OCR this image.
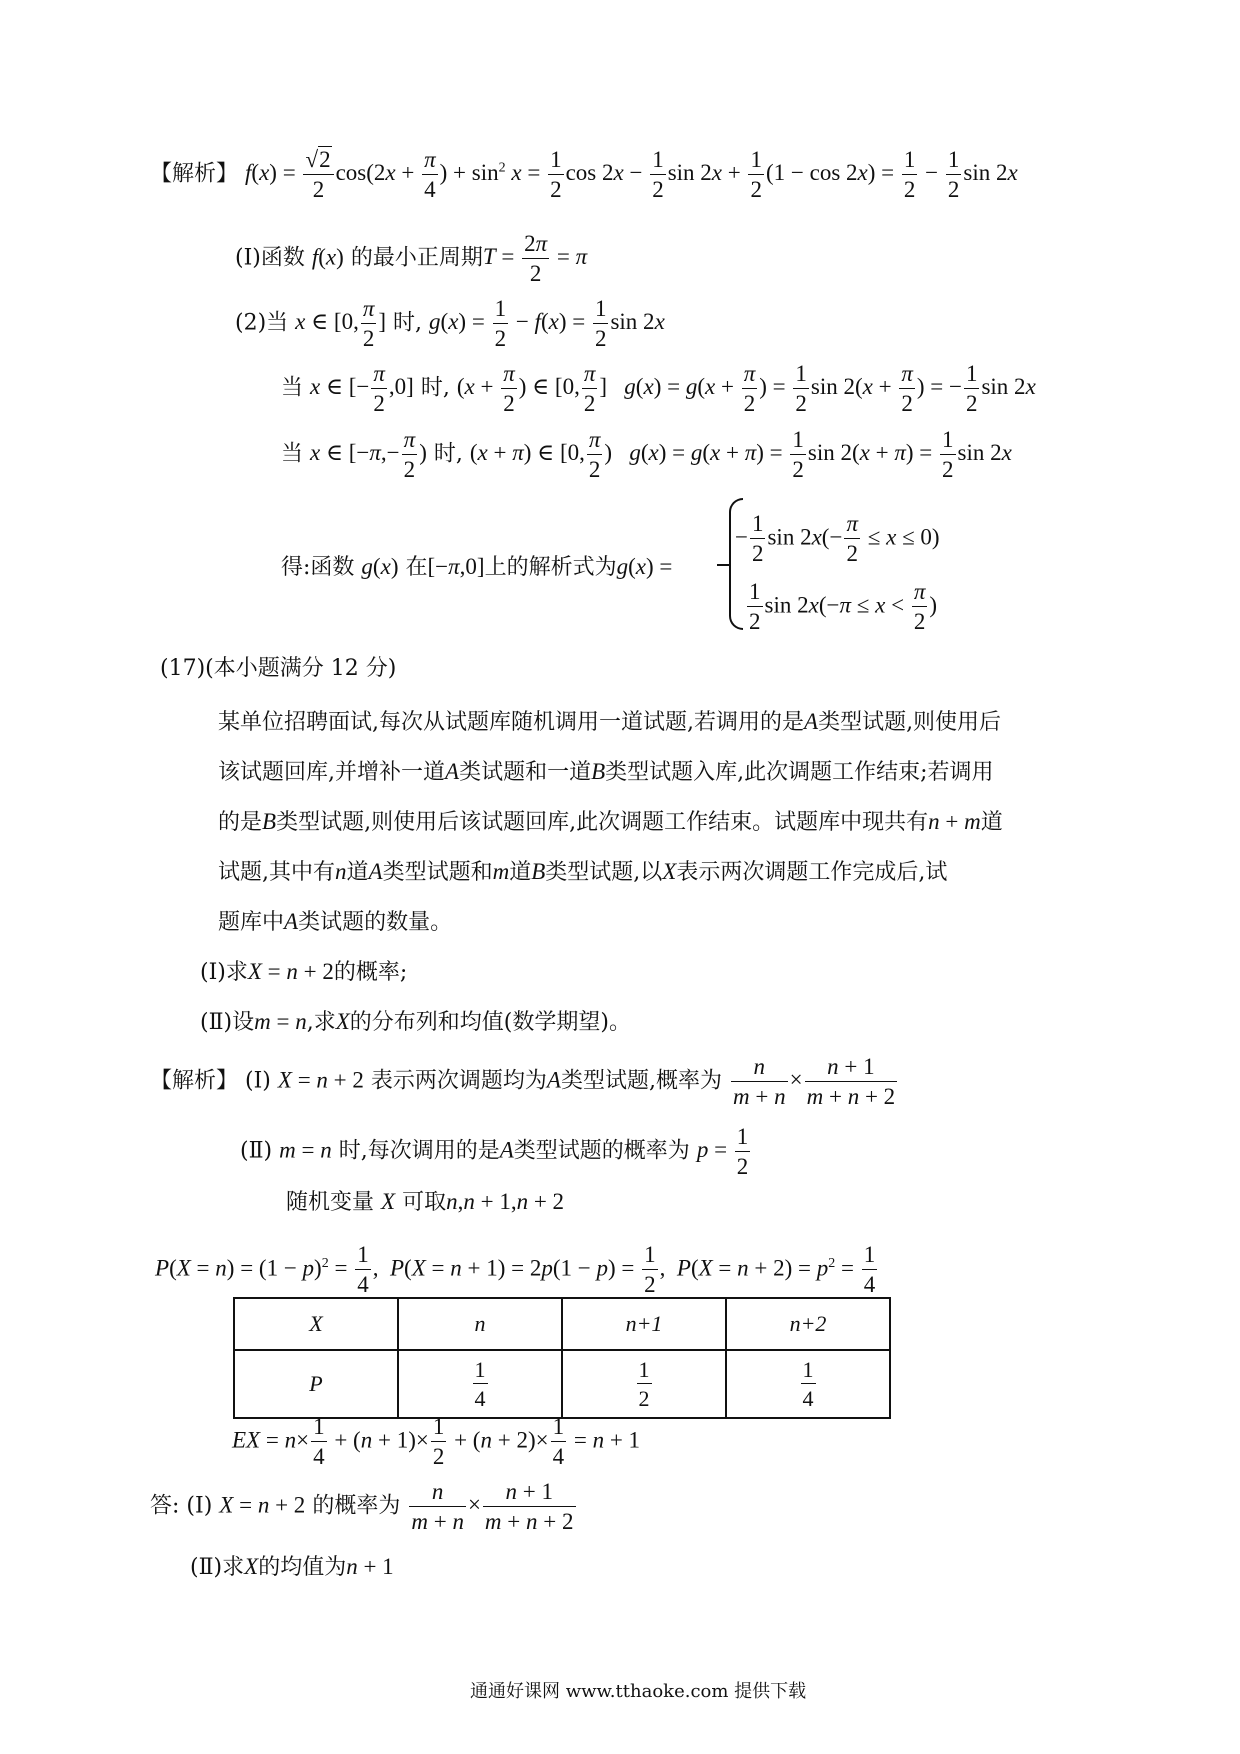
【解析】 $f(x) = \frac{√2}{2} \cos(2x + \frac{\pi}{4}$ ) + $\sin^2 x = \frac{1}{2}$ $\cos 2x - \frac{1}{2}$ $\sin 2x + \frac{1}{2} (1 - \cos 2x) = \frac{1}{2} - \frac{1}{2}$ sin 2x
(I)函数 f(x) 的最小正周期$T = \frac{2\pi}{2} = \pi$
(2)当 x ∈ [0, $\frac{\pi}{2}$ ] 时, $g(x) = \frac{1}{2} - f(x) = \frac{1}{2}$ sin 2x
当 x ∈ [− $\frac{\pi}{2} ,0$] 时, ($x + \frac{\pi}{2}$ ) ∈ [0, $\frac{\pi}{2}$ ]   $g(x) = g(x + \frac{\pi}{2}$ ) = $\frac{1}{2}$ $\sin 2(x + \frac{\pi}{2}$ ) = − $\frac{1}{2}$ sin 2x
当 x ∈ [$-\pi,- \frac{\pi}{2}$ ) 时, (x + π) ∈ [0, $\frac{\pi}{2}$ )   $g(x) = g(x + \pi) = \frac{1}{2}$ $\sin 2(x + \pi) = \frac{1}{2}$ sin 2x
得:函数 g(x) 在[−π,0]上的解析式为g(x) =
− $\frac{1}{2}$ $\sin 2x(- \frac{\pi}{2} \le x \le 0)$
$\frac{1}{2}$ $\sin 2x(-\pi \le x < \frac{\pi}{2}$ )
(17)(本小题满分 12 分)
某单位招聘面试,每次从试题库随机调用一道试题,若调用的是A类型试题,则使用后
该试题回库,并增补一道A类试题和一道B类型试题入库,此次调题工作结束;若调用
的是B类型试题,则使用后该试题回库,此次调题工作结束。试题库中现共有n + m道
试题,其中有n道A类型试题和m道B类型试题,以X表示两次调题工作完成后,试
题库中A类试题的数量。
(Ⅰ)求X = n + 2的概率;
(Ⅱ)设m = n,求X的分布列和均值(数学期望)。
【解析】 (I) X = n + 2 表示两次调题均为A类型试题,概率为 $\frac{n}{m + n} \times \frac{n + 1}{m + n + 2}$
(Ⅱ) m = n 时,每次调用的是A类型试题的概率为 $p = \frac{1}{2}$
随机变量 X 可取n,n + 1,n + 2
$P(X = n) = (1 - p)^2 = \frac{1}{4}$ , $P(X = n + 1) = 2p(1 - p) = \frac{1}{2}$ , $P(X = n + 2) = p^2 = \frac{1}{4}$
X	n	n+1	n+2
P	$\frac{1}{4}$	$\frac{1}{2}$	$\frac{1}{4}$
EX = $n\times \frac{1}{4} + (n + 1)\times \frac{1}{2} + (n + 2)\times \frac{1}{4} = n + 1$
答: (Ⅰ) X = n + 2 的概率为 $\frac{n}{m + n} \times \frac{n + 1}{m + n + 2}$
(Ⅱ)求X的均值为n + 1
通通好课网 www.tthaoke.com 提供下载
